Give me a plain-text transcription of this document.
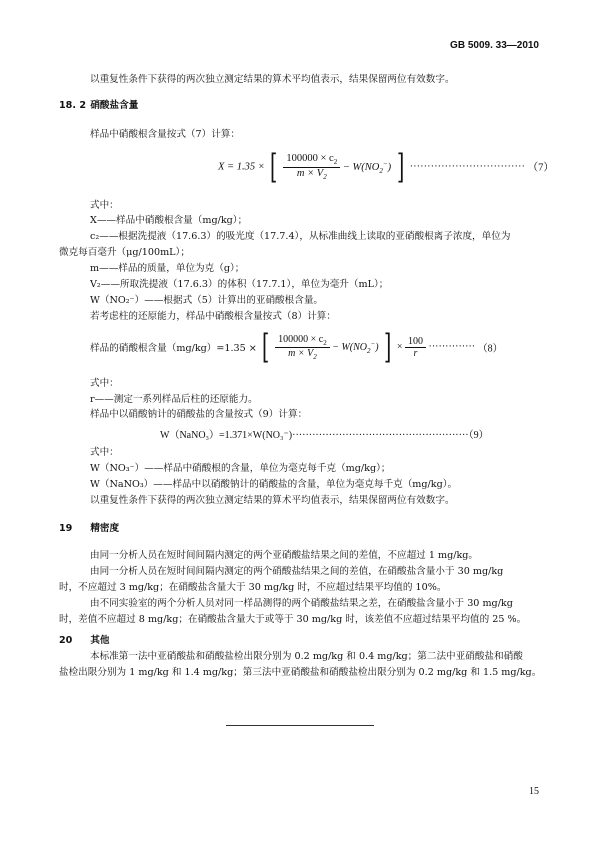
GB 5009. 33—2010
以重复性条件下获得的两次独立测定结果的算术平均值表示，结果保留两位有效数字。
18. 2 硝酸盐含量
样品中硝酸根含量按式（7）计算：
X = 1.35 × [ $\frac{100000 \times c_2}{m \times V_2} - W(NO_2^-)$ ] ································· （7）
式中：
X——样品中硝酸根含量（mg/kg）；
c₂——根据洗提液（17.6.3）的吸光度（17.7.4），从标准曲线上读取的亚硝酸根离子浓度，单位为
微克每百毫升（μg/100mL）；
m——样品的质量，单位为克（g）；
V₂——所取洗提液（17.6.3）的体积（17.7.1），单位为毫升（mL）；
W（NO₂⁻）——根据式（5）计算出的亚硝酸根含量。
若考虑柱的还原能力，样品中硝酸根含量按式（8）计算：
样品的硝酸根含量（mg/kg）=1.35 × [ $\frac{100000 \times c_2}{m \times V_2} - W(NO_2^-)$ ] × $\frac{100}{r}$ ·············· （8）
式中：
r——测定一系列样品后柱的还原能力。
样品中以硝酸钠计的硝酸盐的含量按式（9）计算：
W（NaNO₃）=1.371×W(NO₃⁻)·····················································（9）
式中：
W（NO₃⁻）——样品中硝酸根的含量，单位为毫克每千克（mg/kg）；
W（NaNO₃）——样品中以硝酸钠计的硝酸盐的含量，单位为毫克每千克（mg/kg）。
以重复性条件下获得的两次独立测定结果的算术平均值表示，结果保留两位有效数字。
19 精密度
由同一分析人员在短时间间隔内测定的两个亚硝酸盐结果之间的差值，不应超过 1 mg/kg。
由同一分析人员在短时间间隔内测定的两个硝酸盐结果之间的差值，在硝酸盐含量小于 30 mg/kg
时，不应超过 3 mg/kg；在硝酸盐含量大于 30 mg/kg 时，不应超过结果平均值的 10%。
由不同实验室的两个分析人员对同一样品测得的两个硝酸盐结果之差，在硝酸盐含量小于 30 mg/kg
时，差值不应超过 8 mg/kg；在硝酸盐含量大于或等于 30 mg/kg 时，该差值不应超过结果平均值的 25 %。
20 其他
本标准第一法中亚硝酸盐和硝酸盐检出限分别为 0.2 mg/kg 和 0.4 mg/kg；第二法中亚硝酸盐和硝酸
盐检出限分别为 1 mg/kg 和 1.4 mg/kg；第三法中亚硝酸盐和硝酸盐检出限分别为 0.2 mg/kg 和 1.5 mg/kg。
15
